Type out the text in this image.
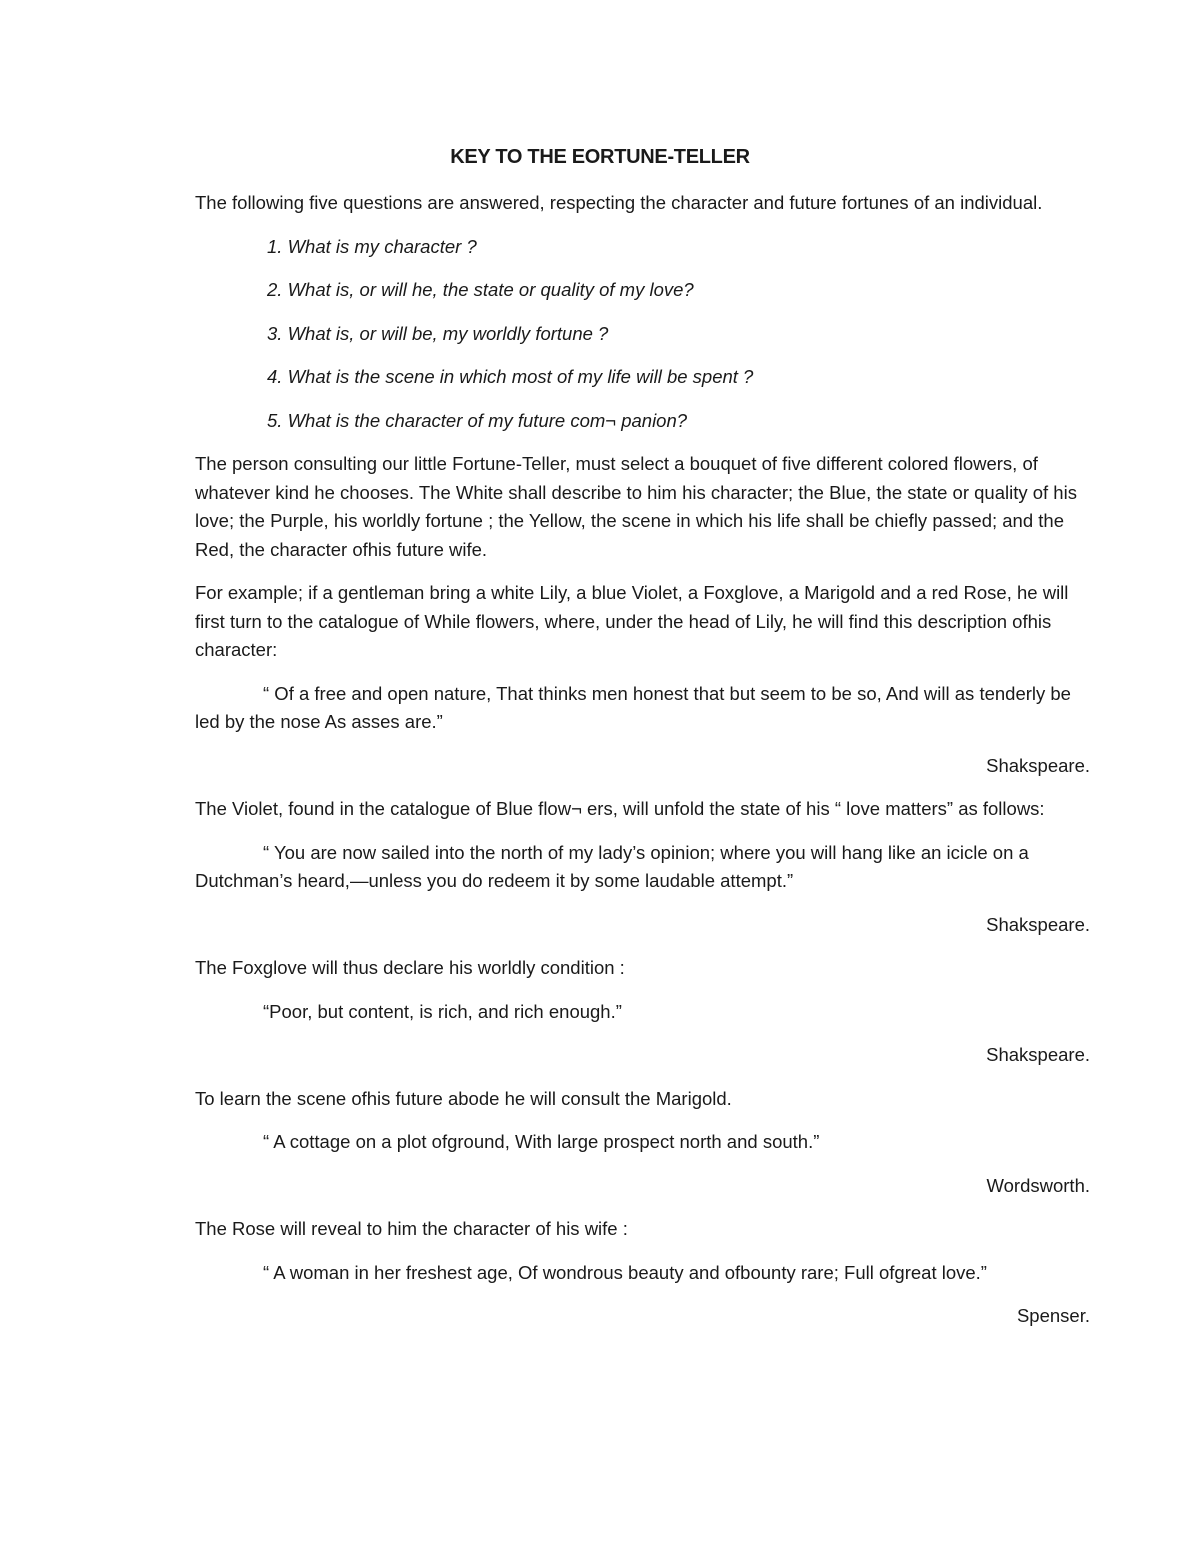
KEY TO THE EORTUNE-TELLER

The following five questions are answered, respecting the character and future fortunes of an individual.

1. What is my character ?
2. What is, or will he, the state or quality of my love?
3. What is, or will be, my worldly fortune ?
4. What is the scene in which most of my life will be spent ?
5. What is the character of my future com¬ panion?

The person consulting our little Fortune-Teller, must select a bouquet of five different colored flowers, of whatever kind he chooses. The White shall describe to him his character; the Blue, the state or quality of his love; the Purple, his worldly fortune ; the Yellow, the scene in which his life shall be chiefly passed; and the Red, the character ofhis future wife.

For example; if a gentleman bring a white Lily, a blue Violet, a Foxglove, a Marigold and a red Rose, he will first turn to the catalogue of While flowers, where, under the head of Lily, he will find this description ofhis character:

“ Of a free and open nature, That thinks men honest that but seem to be so, And will as tenderly be led by the nose As asses are.”

Shakspeare.

The Violet, found in the catalogue of Blue flow¬ ers, will unfold the state of his “ love matters” as follows:

“ You are now sailed into the north of my lady’s opinion; where you will hang like an icicle on a Dutchman’s heard,—unless you do redeem it by some laudable attempt.”

Shakspeare.

The Foxglove will thus declare his worldly condition :

“Poor, but content, is rich, and rich enough.”

Shakspeare.

To learn the scene ofhis future abode he will consult the Marigold.

“ A cottage on a plot ofground, With large prospect north and south.”

Wordsworth.

The Rose will reveal to him the character of his wife :

“ A woman in her freshest age, Of wondrous beauty and ofbounty rare; Full ofgreat love.”

Spenser.
